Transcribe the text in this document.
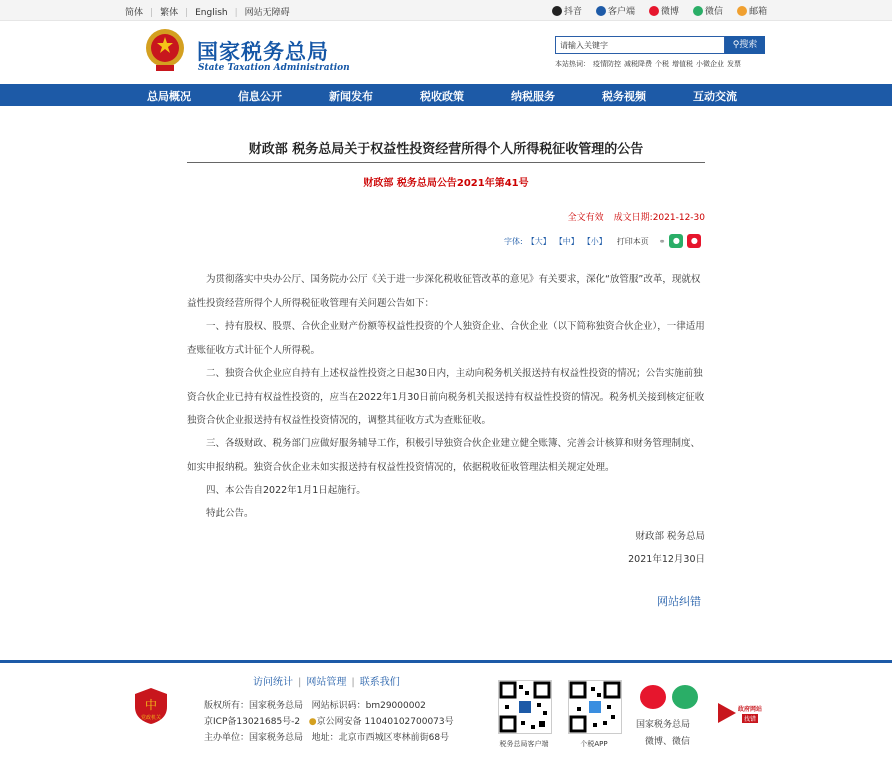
简体 | 繁体 | English | 网站无障碍	抖音	客户端	微博	微信	邮箱
国家税务总局
State Taxation Administration
请输入关键字	⚲搜索
本站热词： 疫情防控 减税降费 个税 增值税 小微企业 发票
总局概况	信息公开	新闻发布	税收政策	纳税服务	税务视频	互动交流
财政部 税务总局关于权益性投资经营所得个人所得税征收管理的公告
财政部 税务总局公告2021年第41号
全文有效 成文日期:2021-12-30
字体: 【大】 【中】 【小】 打印本页 ⚭ ●	●

为贯彻落实中央办公厅、国务院办公厅《关于进一步深化税收征管改革的意见》有关要求，深化“放管服”改革，现就权益性投资经营所得个人所得税征收管理有关问题公告如下：

一、持有股权、股票、合伙企业财产份额等权益性投资的个人独资企业、合伙企业（以下简称独资合伙企业），一律适用查账征收方式计征个人所得税。

二、独资合伙企业应自持有上述权益性投资之日起30日内，主动向税务机关报送持有权益性投资的情况；公告实施前独资合伙企业已持有权益性投资的，应当在2022年1月30日前向税务机关报送持有权益性投资的情况。税务机关接到核定征收独资合伙企业报送持有权益性投资情况的，调整其征收方式为查账征收。

三、各级财政、税务部门应做好服务辅导工作，积极引导独资合伙企业建立健全账簿、完善会计核算和财务管理制度、如实申报纳税。独资合伙企业未如实报送持有权益性投资情况的，依据税收征收管理法相关规定处理。

四、本公告自2022年1月1日起施行。

特此公告。

财政部 税务总局
2021年12月30日
网站纠错
访问统计 | 网站管理 | 联系我们
中
党政机关
版权所有：国家税务总局 网站标识码：bm29000002
京ICP备13021685号-2 ●京公网安备 11040102700073号
主办单位：国家税务总局 地址：北京市西城区枣林前街68号
税务总局客户端	个税APP
国家税务总局
微博、微信
政府网站
找错
